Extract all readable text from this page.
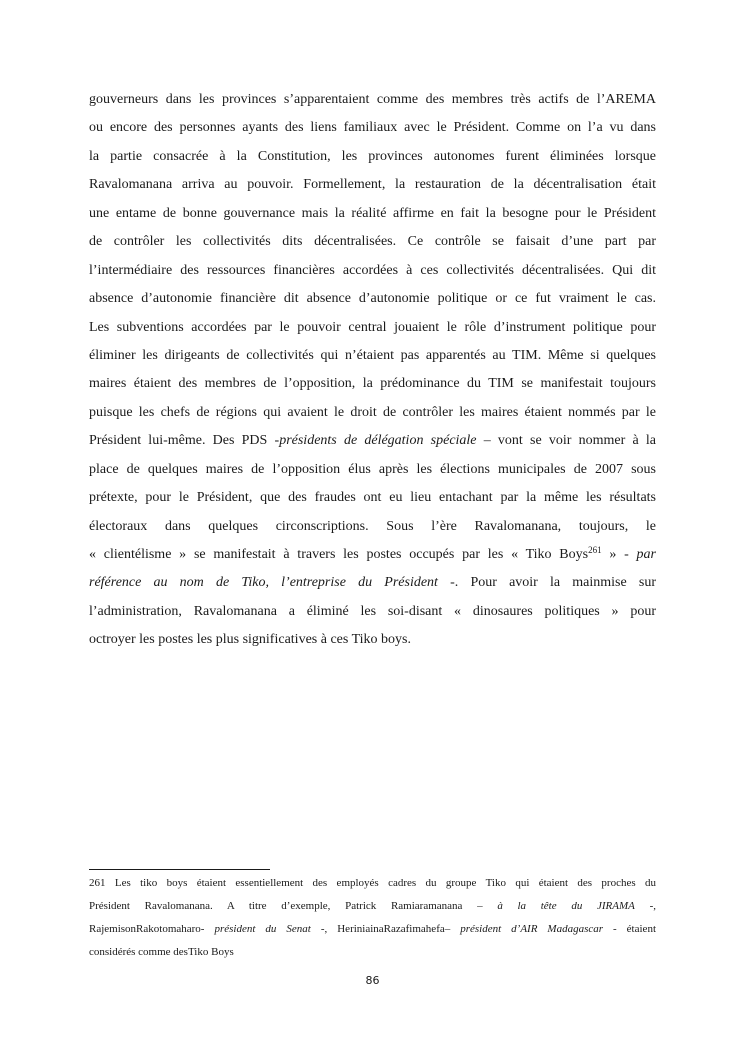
gouverneurs dans les provinces s’apparentaient comme des membres très actifs de l’AREMA
ou encore des personnes ayants des liens familiaux avec le Président. Comme on l’a vu dans
la partie consacrée à la Constitution, les provinces autonomes furent éliminées lorsque
Ravalomanana arriva au pouvoir. Formellement, la restauration de la décentralisation était
une entame de bonne gouvernance mais la réalité affirme en fait la besogne pour le Président
de contrôler les collectivités dits décentralisées. Ce contrôle se faisait d’une part par
l’intermédiaire des ressources financières accordées à ces collectivités décentralisées. Qui dit
absence d’autonomie financière dit absence d’autonomie politique or ce fut vraiment le cas.
Les subventions accordées par le pouvoir central jouaient le rôle d’instrument politique pour
éliminer les dirigeants de collectivités qui n’étaient pas apparentés au TIM. Même si quelques
maires étaient des membres de l’opposition, la prédominance du TIM se manifestait toujours
puisque les chefs de régions qui avaient le droit de contrôler les maires étaient nommés par le
Président lui-même. Des PDS -présidents de délégation spéciale – vont se voir nommer à la
place de quelques maires de l’opposition élus après les élections municipales de 2007 sous
prétexte, pour le Président, que des fraudes ont eu lieu entachant par la même les résultats
électoraux dans quelques circonscriptions. Sous l’ère Ravalomanana, toujours, le
« clientélisme » se manifestait à travers les postes occupés par les « Tiko Boys$^{261}$ » - par
référence au nom de Tiko, l’entreprise du Président -. Pour avoir la mainmise sur
l’administration, Ravalomanana a éliminé les soi-disant « dinosaures politiques » pour
octroyer les postes les plus significatives à ces Tiko boys.
261 Les tiko boys étaient essentiellement des employés cadres du groupe Tiko qui étaient des proches du
Président Ravalomanana. A titre d’exemple, Patrick Ramiaramanana – à la tête du JIRAMA -,
RajemisonRakotomaharo- président du Senat -, HeriniainaRazafimahefa– président d’AIR Madagascar - étaient
considérés comme desTiko Boys
86
